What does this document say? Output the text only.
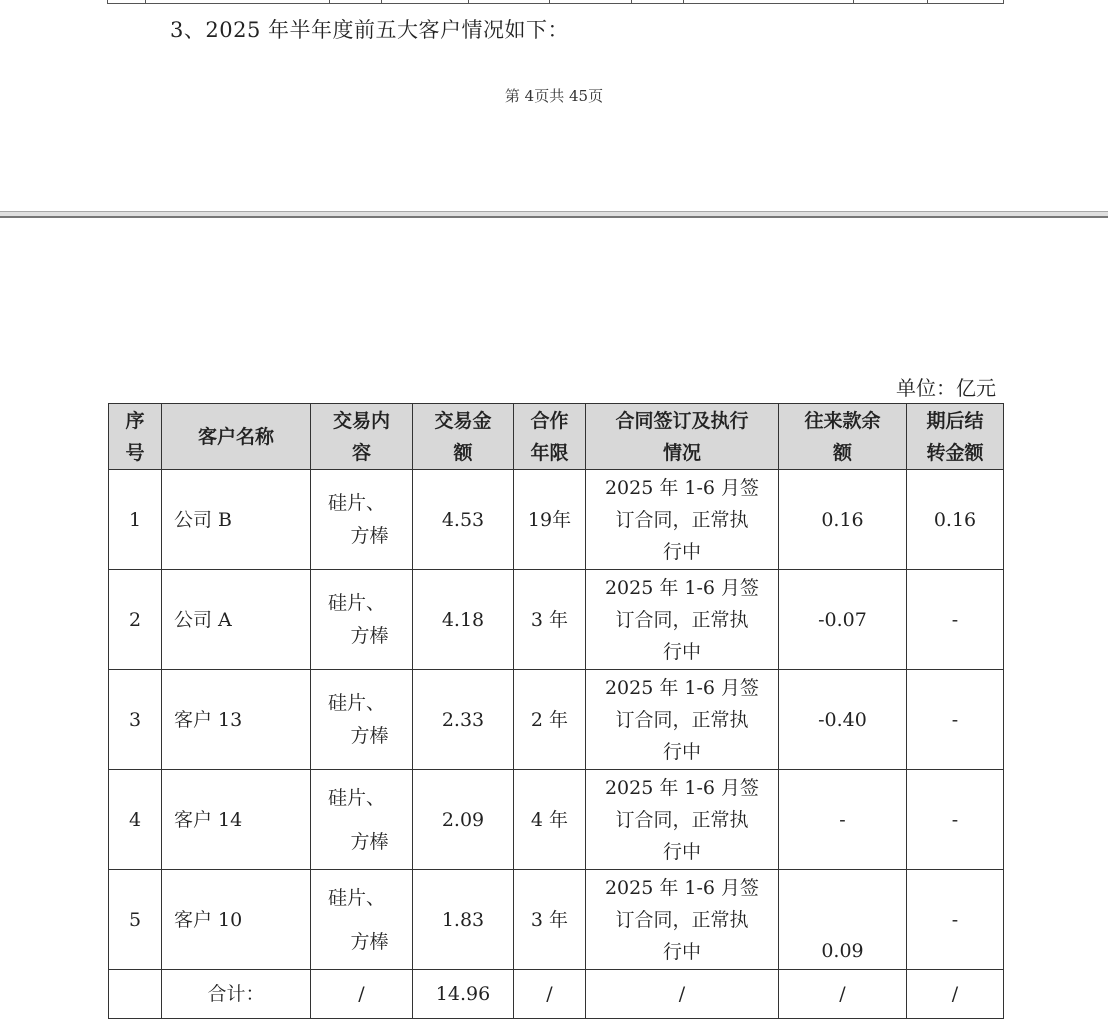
3、2025 年半年度前五大客户情况如下：
第 4页共 45页
单位：亿元
序
号	客户名称	交易内
容	交易金
额	合作
年限	合同签订及执行
情况	往来款余
额	期后结
转金额
1	公司 B	硅片、
方棒	4.53	19年	2025 年 1-6 月签
订合同，正常执
行中	0.16	0.16
2	公司 A	硅片、
方棒	4.18	3 年	2025 年 1-6 月签
订合同，正常执
行中	-0.07	-
3	客户 13	硅片、
方棒	2.33	2 年	2025 年 1-6 月签
订合同，正常执
行中	-0.40	-
4	客户 14	硅片、
方棒	2.09	4 年	2025 年 1-6 月签
订合同，正常执
行中	-	-
5	客户 10	硅片、
方棒	1.83	3 年	2025 年 1-6 月签
订合同，正常执
行中	0.09	-
	合计：	/	14.96	/	/	/	/
